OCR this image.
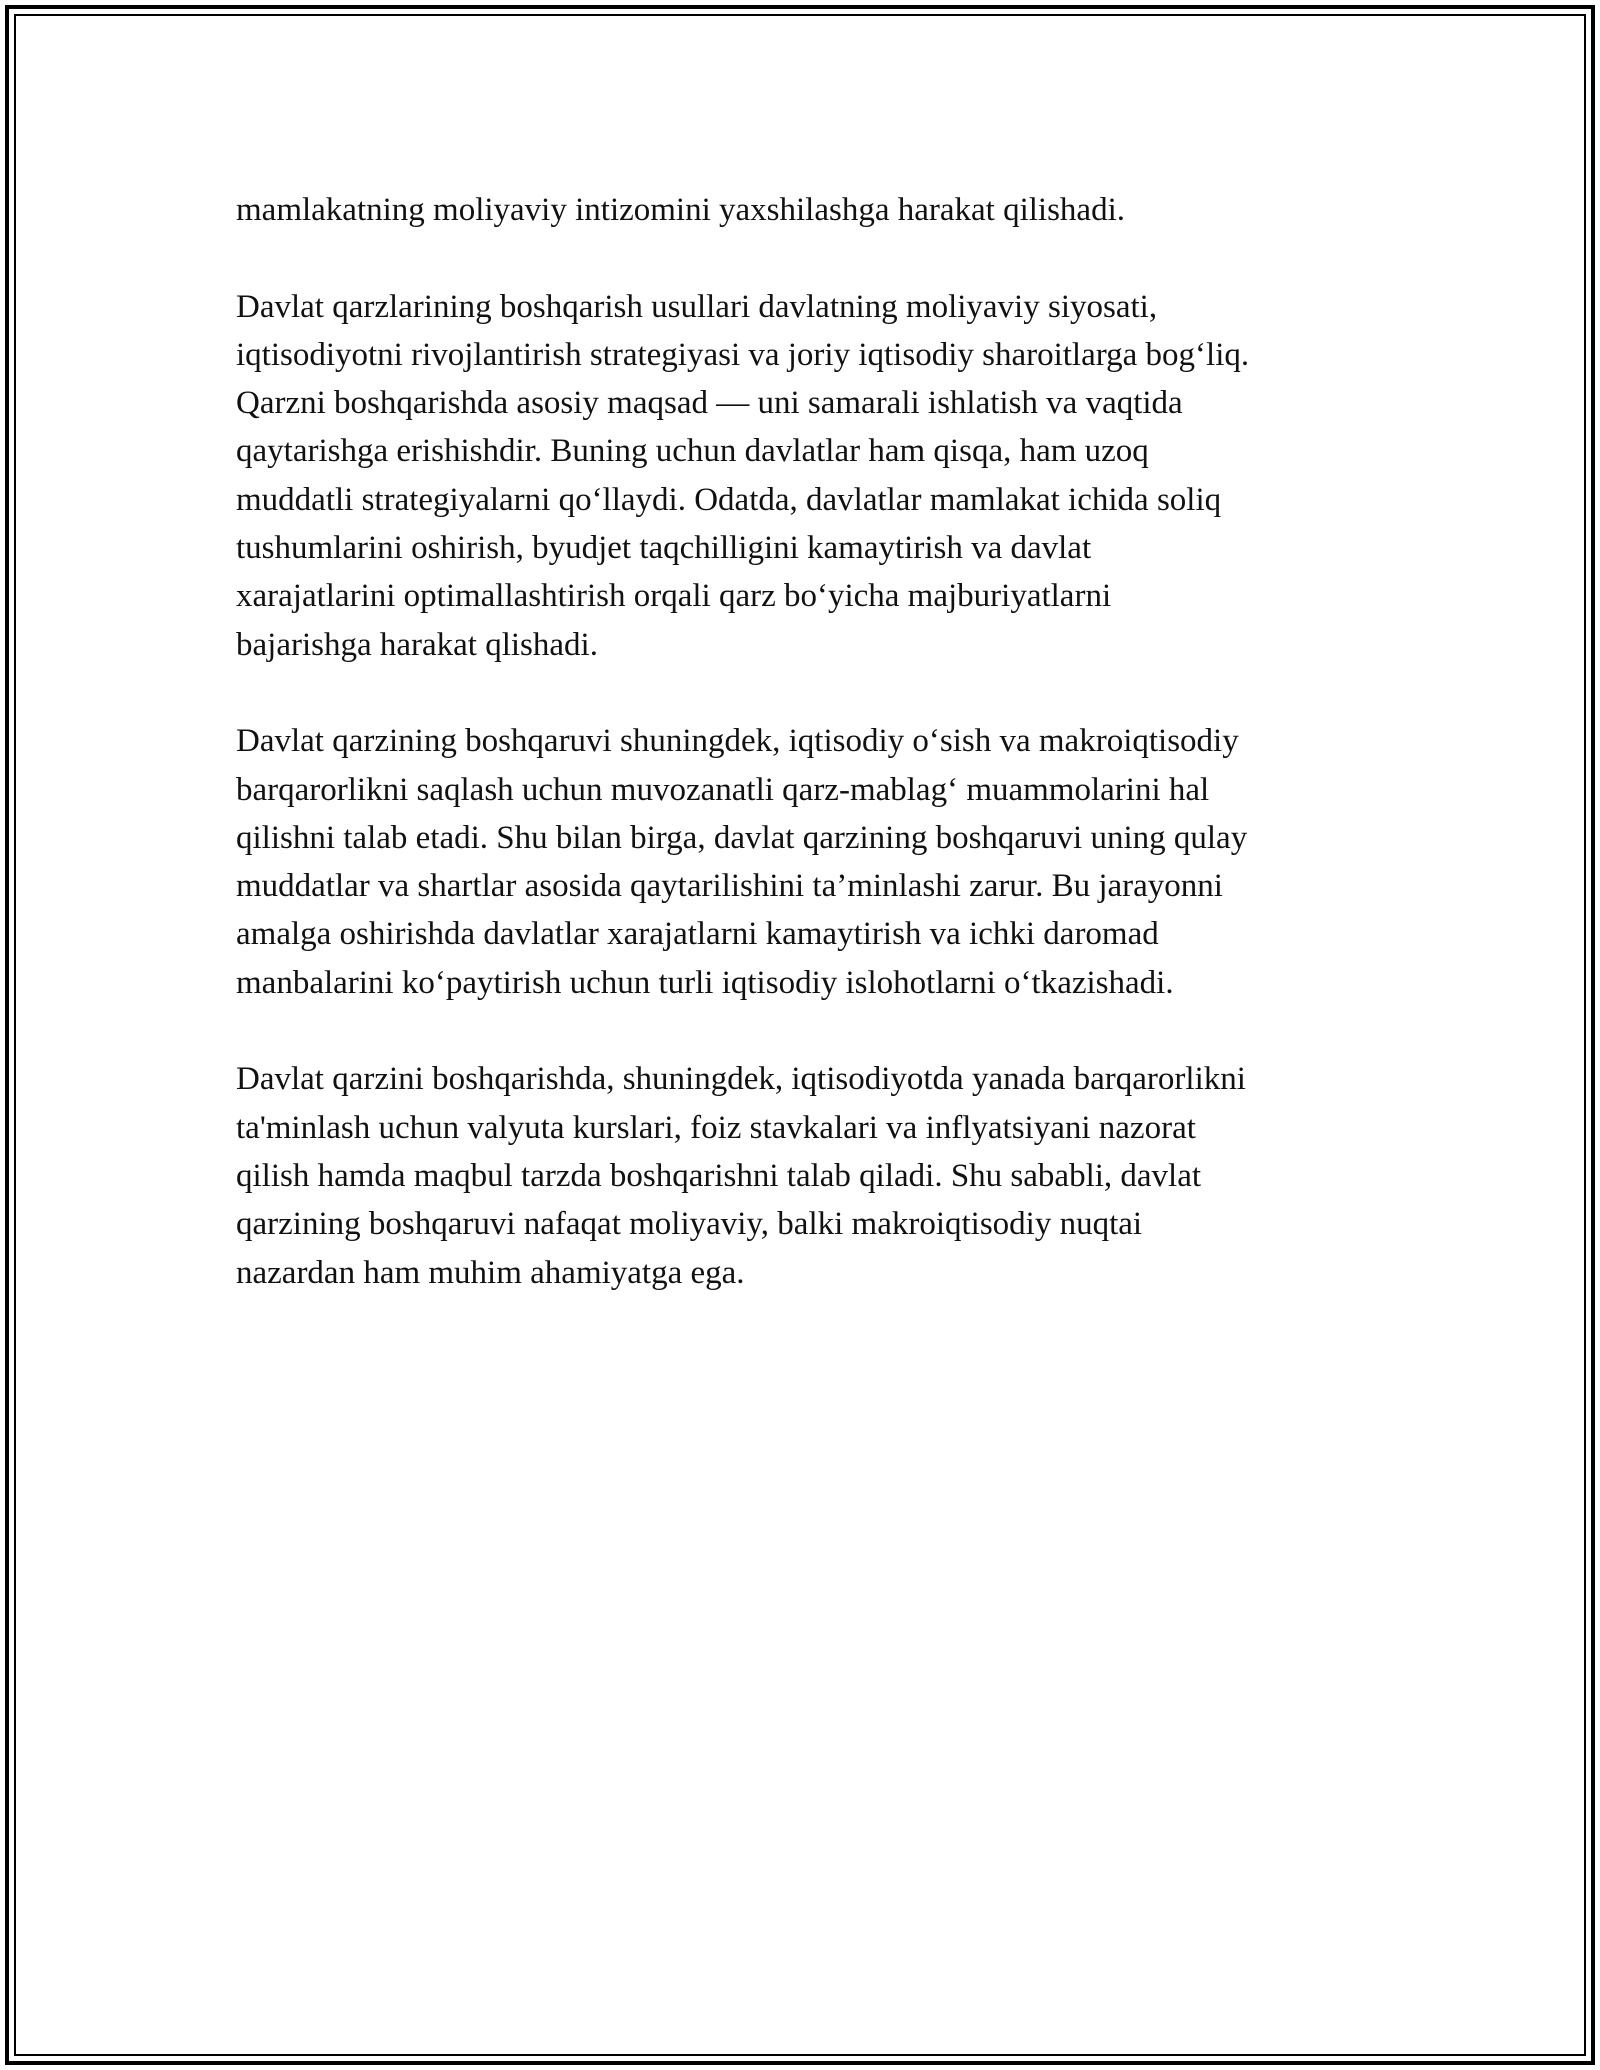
mamlakatning moliyaviy intizomini yaxshilashga harakat qilishadi.

Davlat qarzlarining boshqarish usullari davlatning moliyaviy siyosati,
iqtisodiyotni rivojlantirish strategiyasi va joriy iqtisodiy sharoitlarga bog‘liq.
Qarzni boshqarishda asosiy maqsad — uni samarali ishlatish va vaqtida
qaytarishga erishishdir. Buning uchun davlatlar ham qisqa, ham uzoq
muddatli strategiyalarni qo‘llaydi. Odatda, davlatlar mamlakat ichida soliq
tushumlarini oshirish, byudjet taqchilligini kamaytirish va davlat
xarajatlarini optimallashtirish orqali qarz bo‘yicha majburiyatlarni
bajarishga harakat qlishadi.

Davlat qarzining boshqaruvi shuningdek, iqtisodiy o‘sish va makroiqtisodiy
barqarorlikni saqlash uchun muvozanatli qarz-mablag‘ muammolarini hal
qilishni talab etadi. Shu bilan birga, davlat qarzining boshqaruvi uning qulay
muddatlar va shartlar asosida qaytarilishini ta’minlashi zarur. Bu jarayonni
amalga oshirishda davlatlar xarajatlarni kamaytirish va ichki daromad
manbalarini ko‘paytirish uchun turli iqtisodiy islohotlarni o‘tkazishadi.

Davlat qarzini boshqarishda, shuningdek, iqtisodiyotda yanada barqarorlikni
ta'minlash uchun valyuta kurslari, foiz stavkalari va inflyatsiyani nazorat
qilish hamda maqbul tarzda boshqarishni talab qiladi. Shu sababli, davlat
qarzining boshqaruvi nafaqat moliyaviy, balki makroiqtisodiy nuqtai
nazardan ham muhim ahamiyatga ega.
